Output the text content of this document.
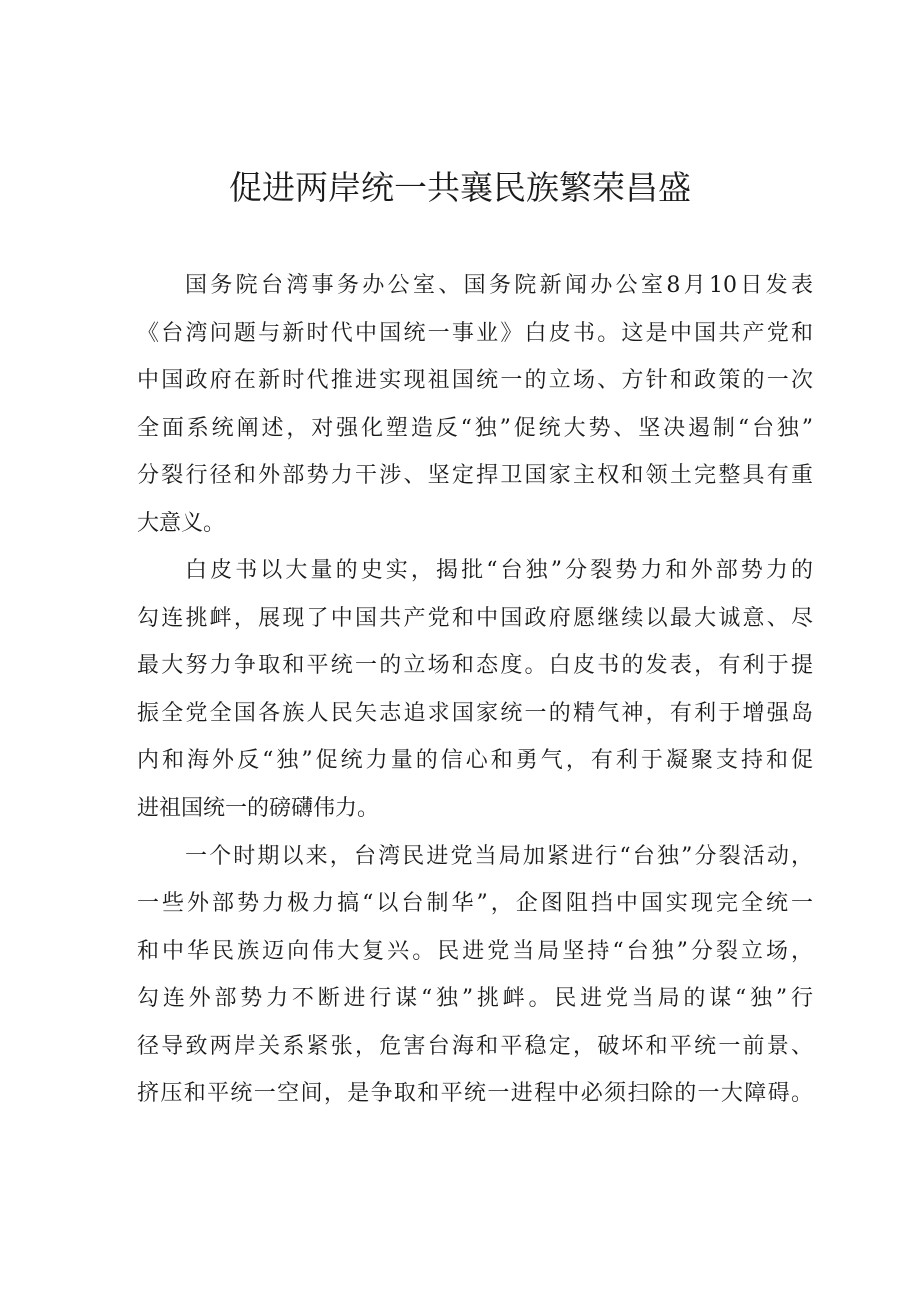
促进两岸统一共襄民族繁荣昌盛
国务院台湾事务办公室、国务院新闻办公室8月10日发表
《台湾问题与新时代中国统一事业》白皮书。这是中国共产党和
中国政府在新时代推进实现祖国统一的立场、方针和政策的一次
全面系统阐述，对强化塑造反“独”促统大势、坚决遏制“台独”
分裂行径和外部势力干涉、坚定捍卫国家主权和领土完整具有重
大意义。
白皮书以大量的史实，揭批“台独”分裂势力和外部势力的
勾连挑衅，展现了中国共产党和中国政府愿继续以最大诚意、尽
最大努力争取和平统一的立场和态度。白皮书的发表，有利于提
振全党全国各族人民矢志追求国家统一的精气神，有利于增强岛
内和海外反“独”促统力量的信心和勇气，有利于凝聚支持和促
进祖国统一的磅礴伟力。
一个时期以来，台湾民进党当局加紧进行“台独”分裂活动，
一些外部势力极力搞“以台制华”，企图阻挡中国实现完全统一
和中华民族迈向伟大复兴。民进党当局坚持“台独”分裂立场，
勾连外部势力不断进行谋“独”挑衅。民进党当局的谋“独”行
径导致两岸关系紧张，危害台海和平稳定，破坏和平统一前景、
挤压和平统一空间，是争取和平统一进程中必须扫除的一大障碍。
